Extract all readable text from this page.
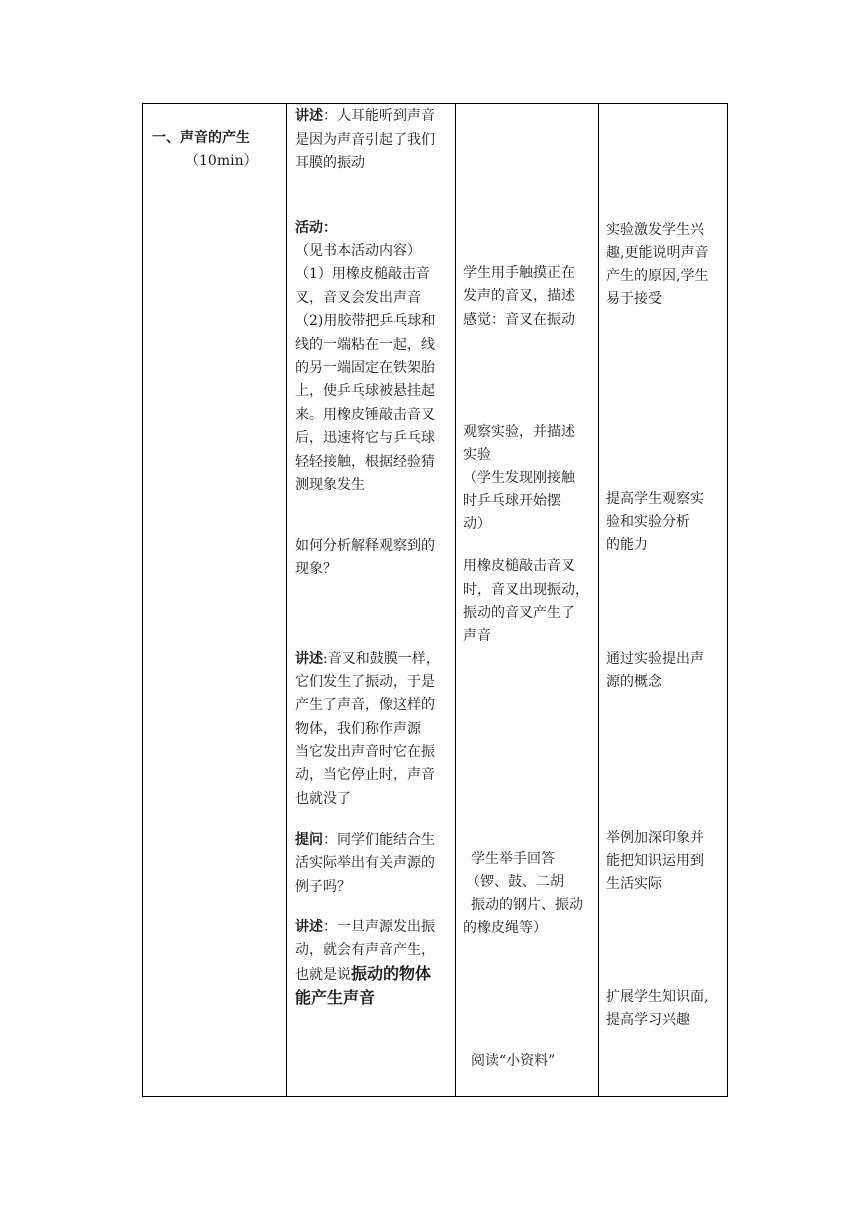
一、声音的产生
（10min）
讲述：人耳能听到声音
是因为声音引起了我们
耳膜的振动
活动：
（见书本活动内容）
（1）用橡皮槌敲击音
叉，音叉会发出声音
（2)用胶带把乒乓球和
线的一端粘在一起，线
的另一端固定在铁架胎
上，使乒乓球被悬挂起
来。用橡皮锤敲击音叉
后，迅速将它与乒乓球
轻轻接触，根据经验猜
测现象发生
如何分析解释观察到的
现象？
讲述:音叉和鼓膜一样，
它们发生了振动，于是
产生了声音，像这样的
物体，我们称作声源
当它发出声音时它在振
动，当它停止时，声音
也就没了
提问：同学们能结合生
活实际举出有关声源的
例子吗？
讲述：一旦声源发出振
动，就会有声音产生，
也就是说振动的物体
能产生声音
学生用手触摸正在
发声的音叉，描述
感觉：音叉在振动
观察实验，并描述
实验
（学生发现刚接触
时乒乓球开始摆
动）
用橡皮槌敲击音叉
时，音叉出现振动，
振动的音叉产生了
声音
学生举手回答
（锣、鼓、二胡
振动的钢片、振动
的橡皮绳等）
阅读“小资料”
实验激发学生兴
趣,更能说明声音
产生的原因,学生
易于接受
提高学生观察实
验和实验分析
的能力
通过实验提出声
源的概念
举例加深印象并
能把知识运用到
生活实际
扩展学生知识面,
提高学习兴趣
